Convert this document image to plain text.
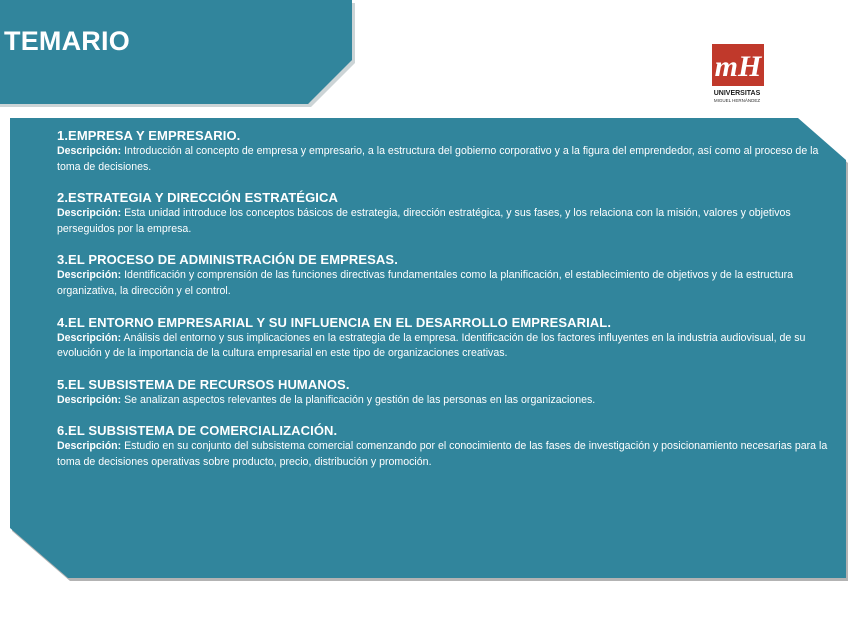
TEMARIO
mH
UNIVERSITAS
MIGUEL HERNÁNDEZ
1.EMPRESA Y EMPRESARIO.
Descripción: Introducción al concepto de empresa y empresario, a la estructura del gobierno corporativo y a la figura del emprendedor, así como al proceso de la toma de decisiones.
2.ESTRATEGIA Y DIRECCIÓN ESTRATÉGICA
Descripción: Esta unidad introduce los conceptos básicos de estrategia, dirección estratégica, y sus fases, y los relaciona con la misión, valores y objetivos perseguidos por la empresa.
3.EL PROCESO DE ADMINISTRACIÓN DE EMPRESAS.
Descripción: Identificación y comprensión de las funciones directivas fundamentales como la planificación, el establecimiento de objetivos y de la estructura organizativa, la dirección y el control.
4.EL ENTORNO EMPRESARIAL Y SU INFLUENCIA EN EL DESARROLLO EMPRESARIAL.
Descripción: Análisis del entorno y sus implicaciones en la estrategia de la empresa. Identificación de los factores influyentes en la industria audiovisual, de su evolución y de la importancia de la cultura empresarial en este tipo de organizaciones creativas.
5.EL SUBSISTEMA DE RECURSOS HUMANOS.
Descripción: Se analizan aspectos relevantes de la planificación y gestión de las personas en las organizaciones.
6.EL SUBSISTEMA DE COMERCIALIZACIÓN.
Descripción: Estudio en su conjunto del subsistema comercial comenzando por el conocimiento de las fases de investigación y posicionamiento necesarias para la toma de decisiones operativas sobre producto, precio, distribución y promoción.
